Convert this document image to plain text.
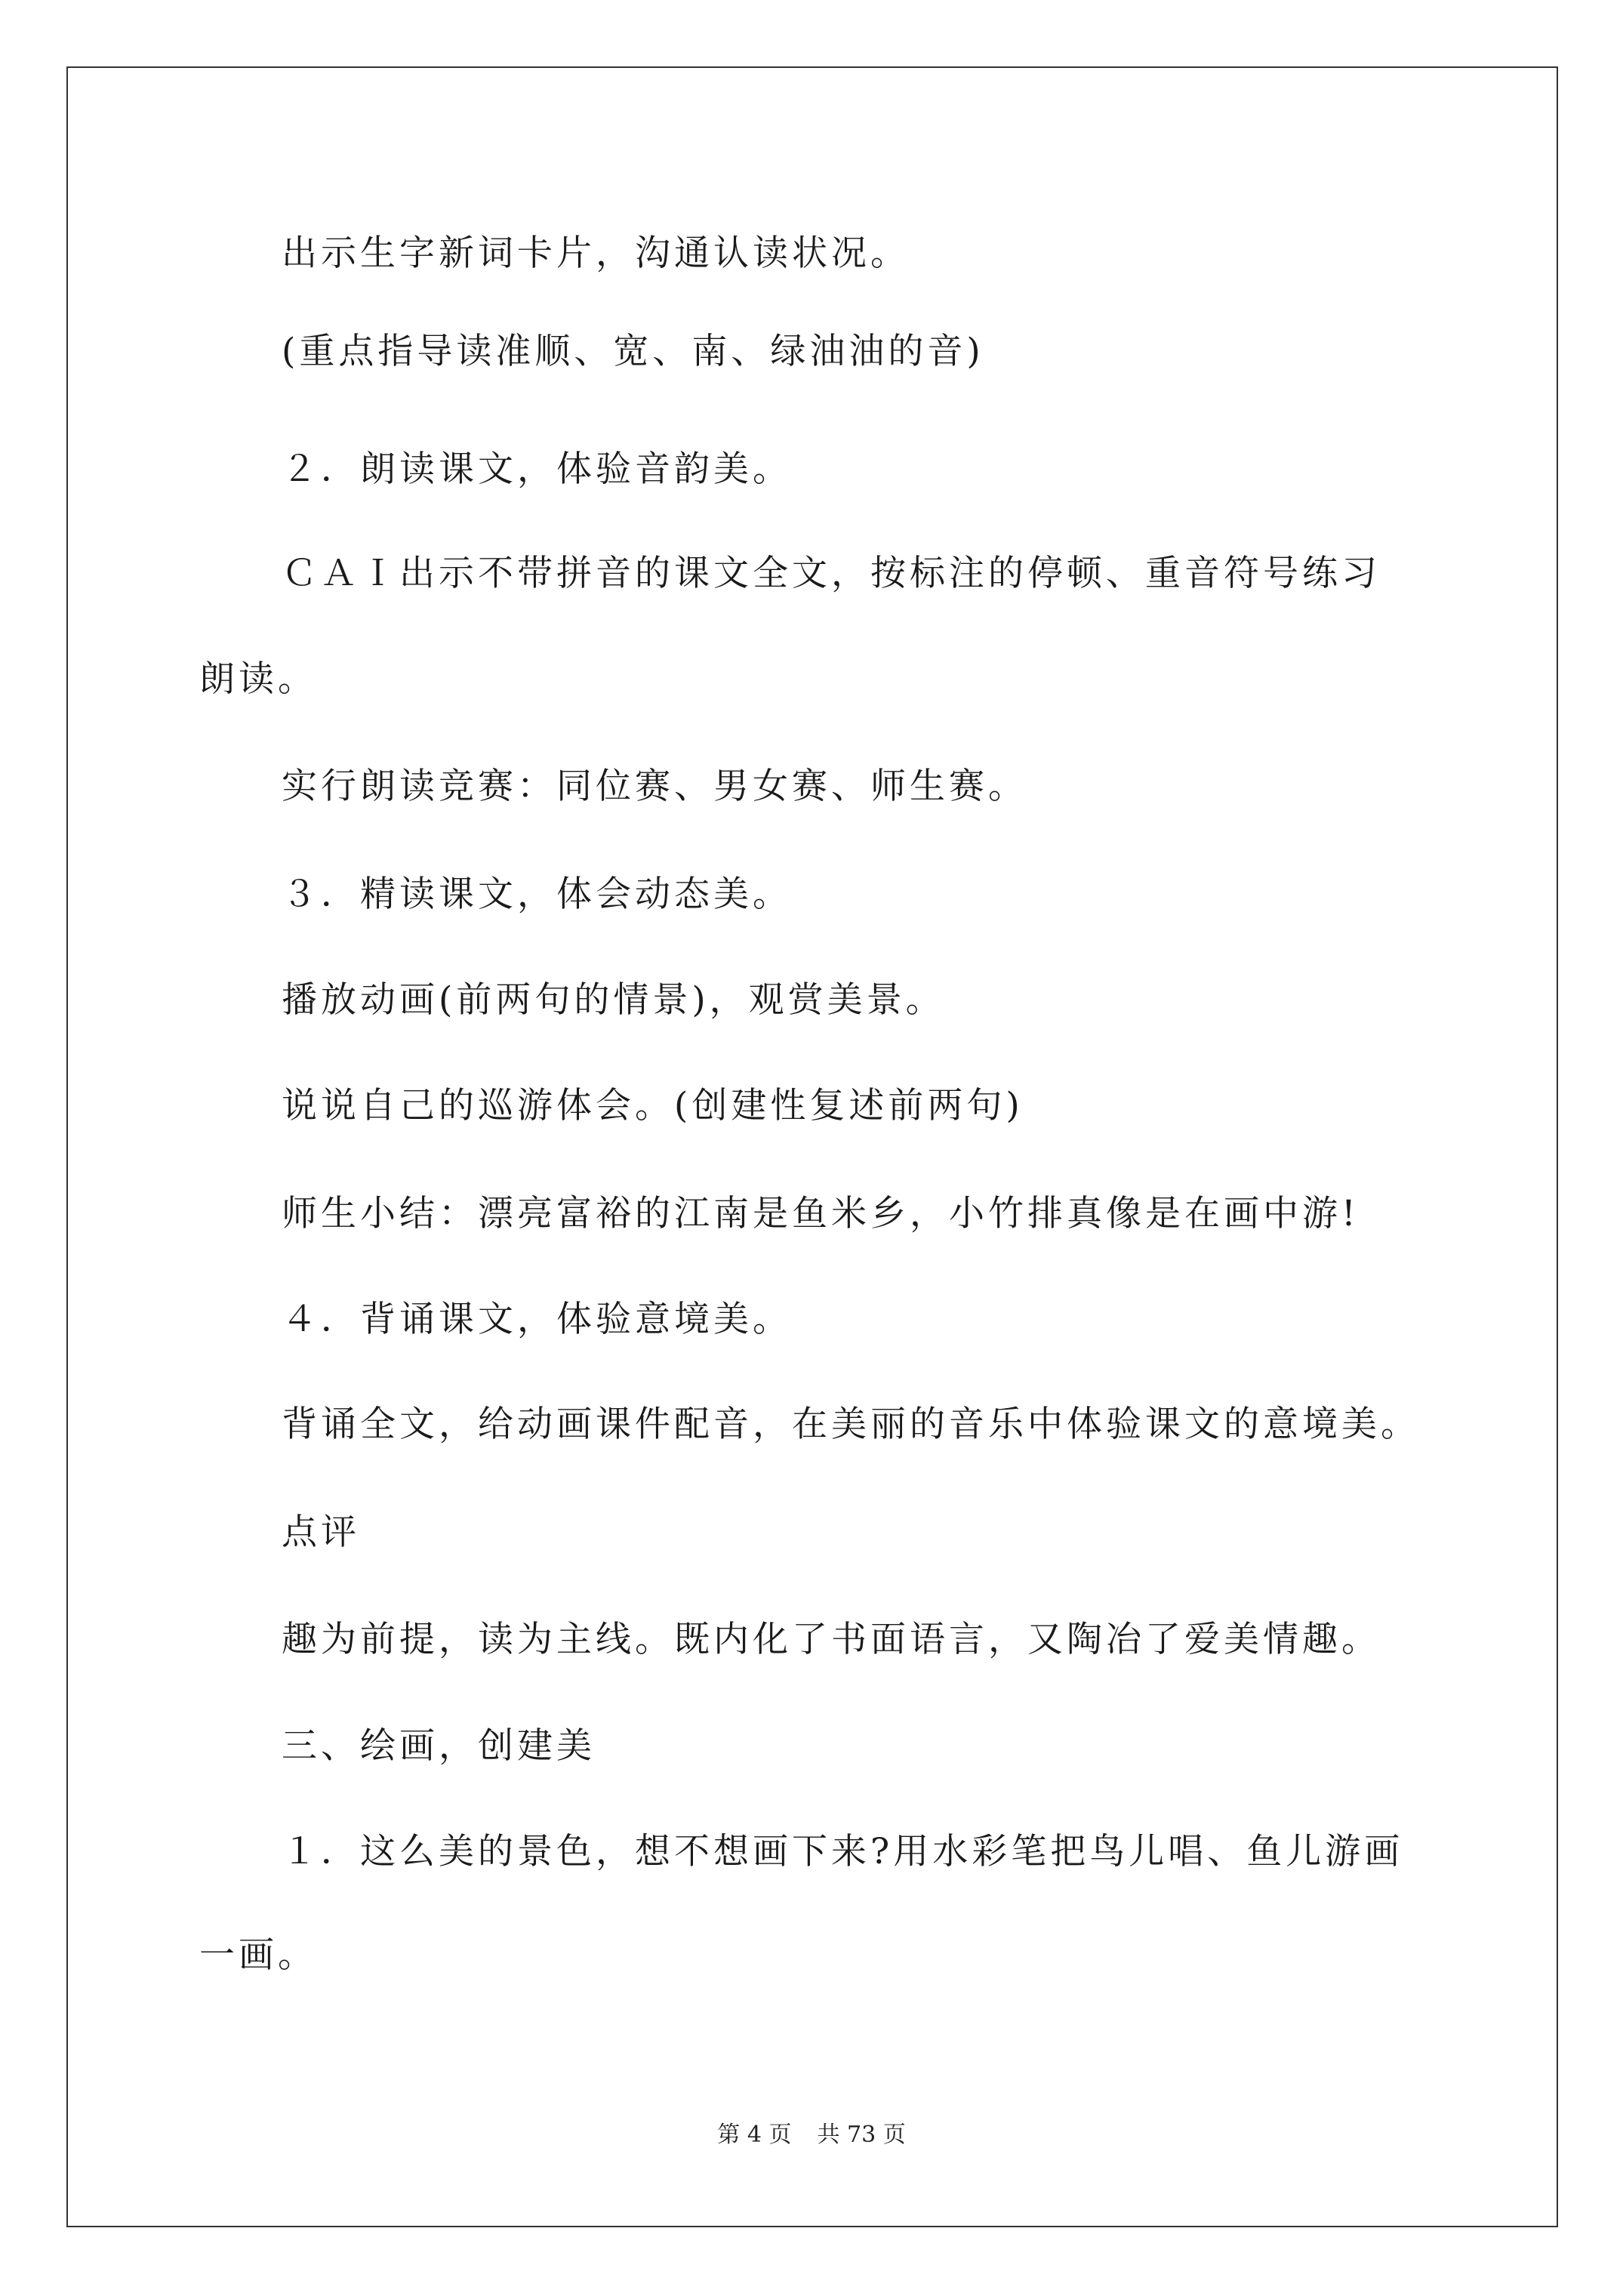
出示生字新词卡片，沟通认读状况。
(重点指导读准顺、宽、南、绿油油的音)
２．朗读课文，体验音韵美。
ＣＡＩ出示不带拼音的课文全文，按标注的停顿、重音符号练习
朗读。
实行朗读竞赛：同位赛、男女赛、师生赛。
３．精读课文，体会动态美。
播放动画(前两句的情景)，观赏美景。
说说自己的巡游体会。(创建性复述前两句)
师生小结：漂亮富裕的江南是鱼米乡，小竹排真像是在画中游!
４．背诵课文，体验意境美。
背诵全文，给动画课件配音，在美丽的音乐中体验课文的意境美。
点评
趣为前提，读为主线。既内化了书面语言，又陶冶了爱美情趣。
三、绘画，创建美
１．这么美的景色，想不想画下来?用水彩笔把鸟儿唱、鱼儿游画
一画。
第 4 页 共 73 页
